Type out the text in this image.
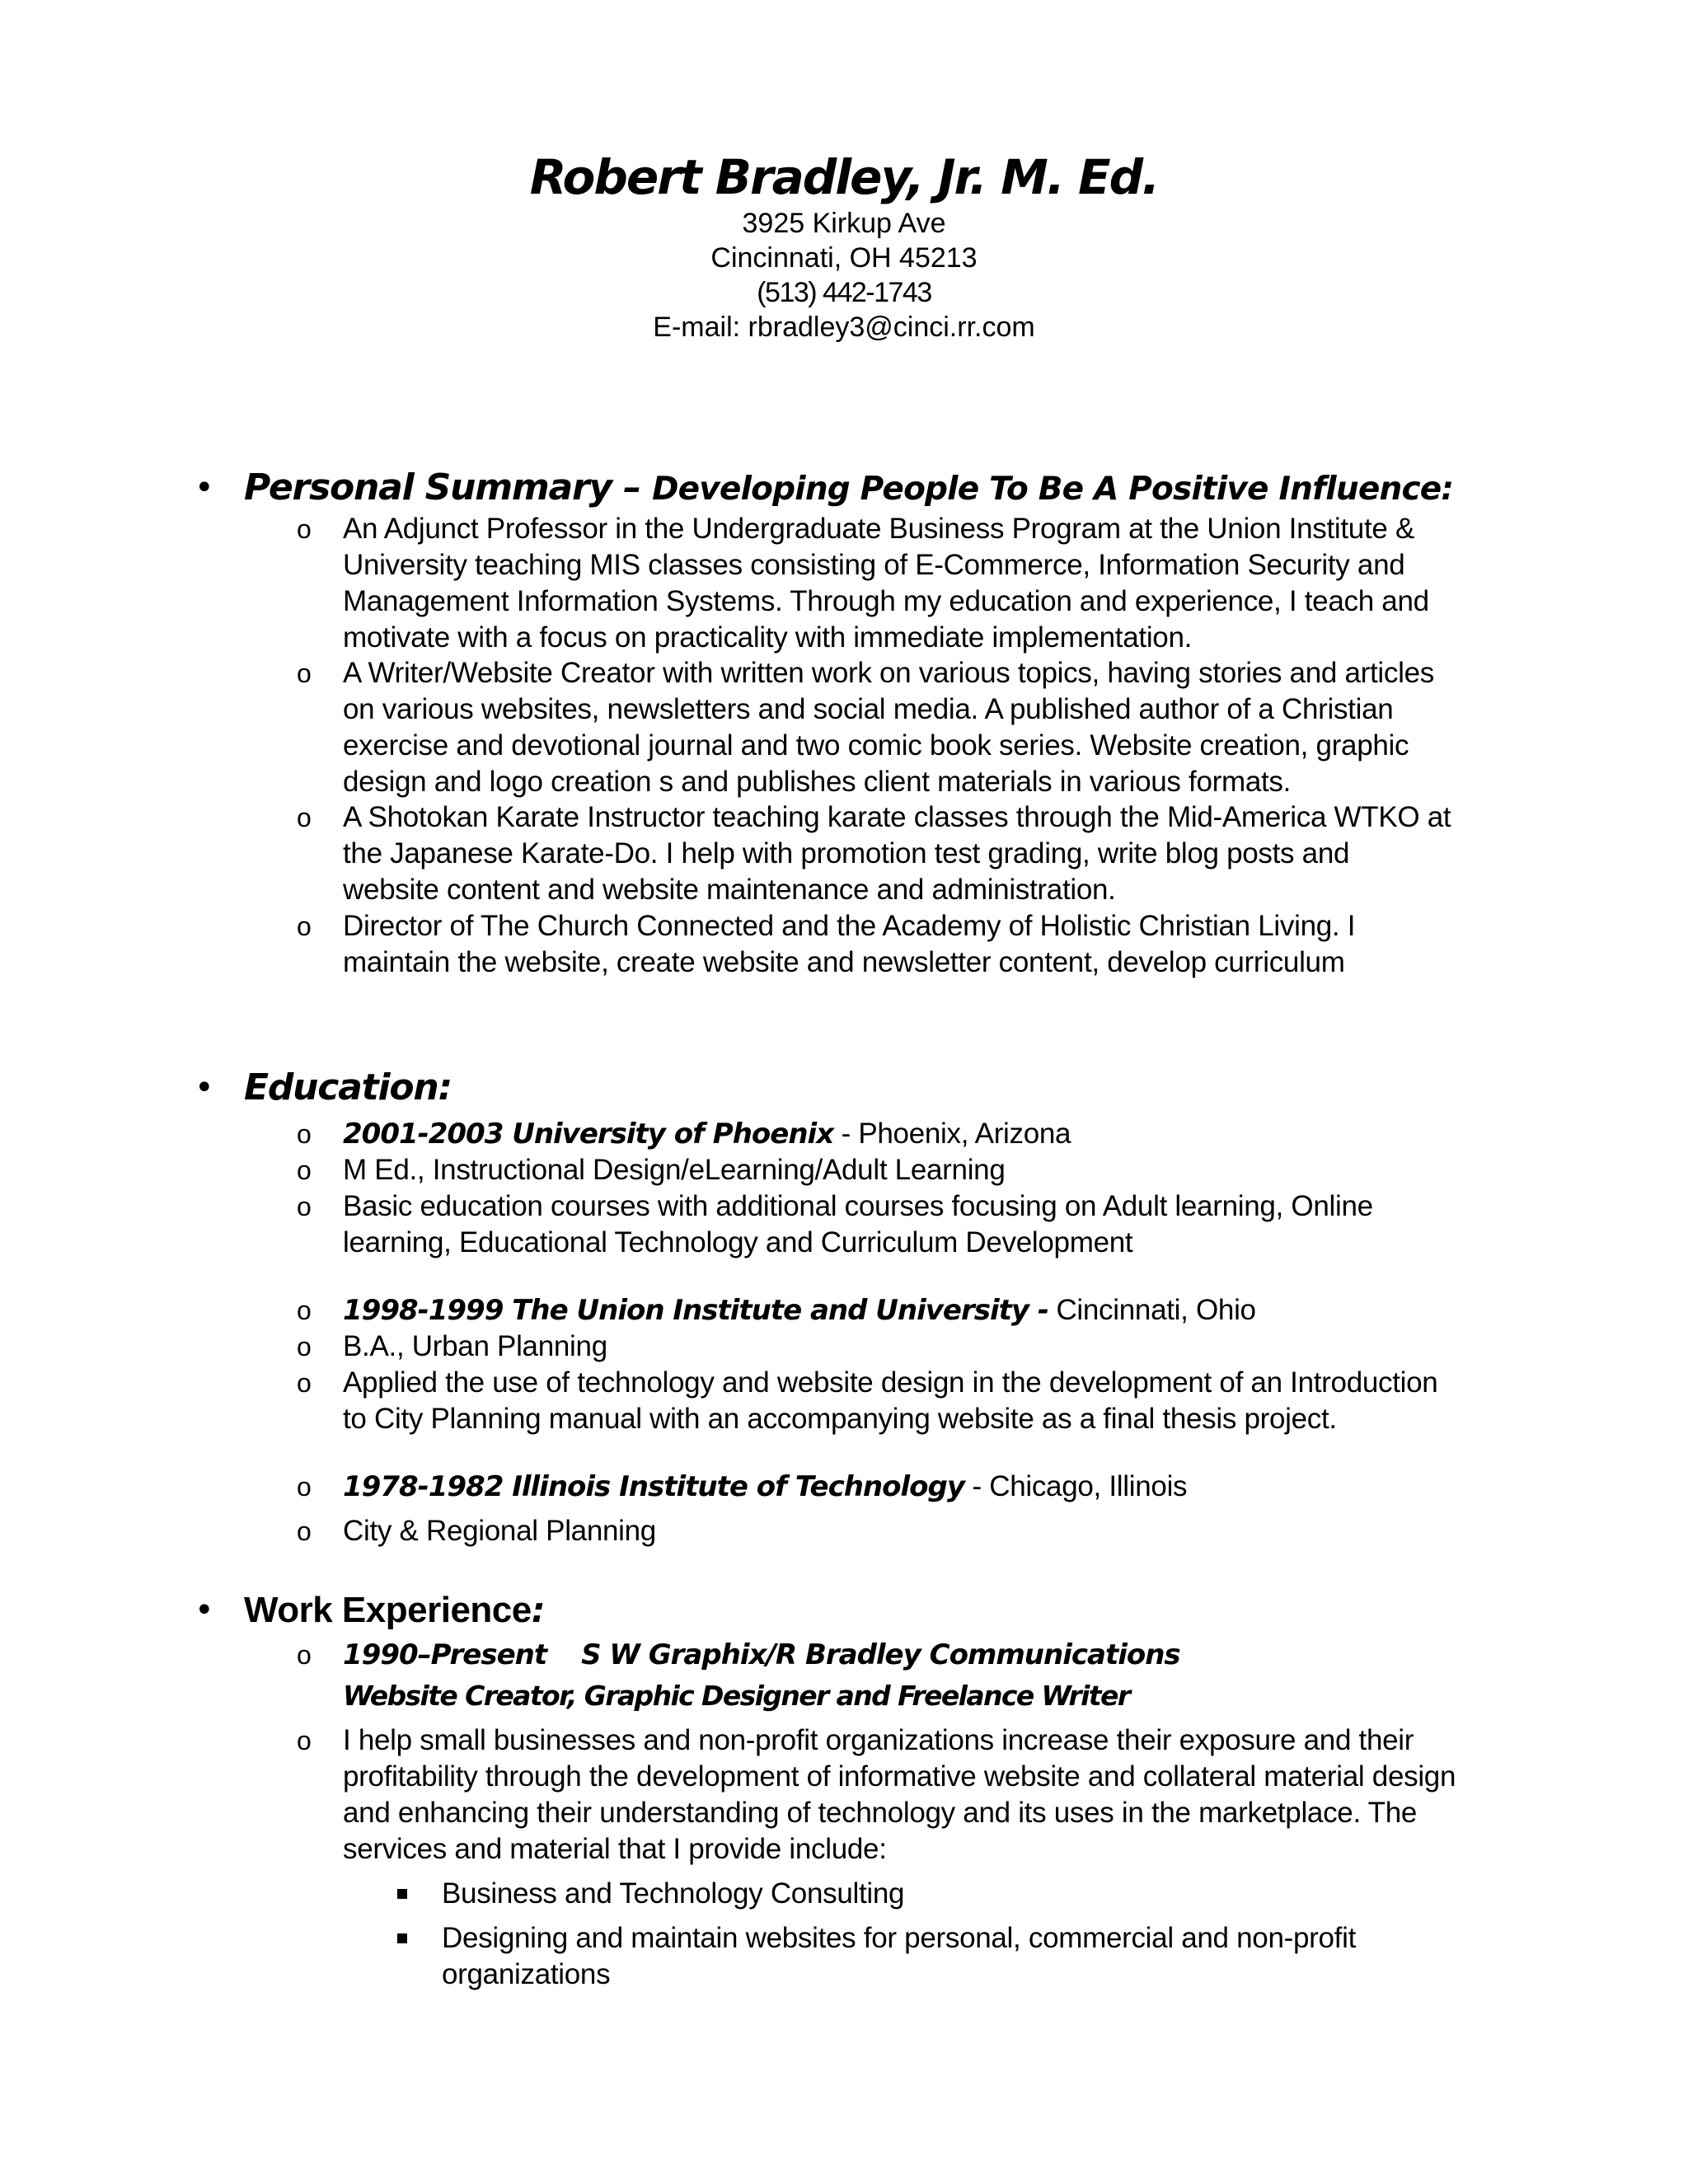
Robert Bradley, Jr. M. Ed.
3925 Kirkup Ave
Cincinnati, OH 45213
(513) 442-1743
E-mail: rbradley3@cinci.rr.com
• Personal Summary – Developing People To Be A Positive Influence:
o An Adjunct Professor in the Undergraduate Business Program at the Union Institute &
University teaching MIS classes consisting of E-Commerce, Information Security and
Management Information Systems. Through my education and experience, I teach and
motivate with a focus on practicality with immediate implementation.
o A Writer/Website Creator with written work on various topics, having stories and articles
on various websites, newsletters and social media. A published author of a Christian
exercise and devotional journal and two comic book series. Website creation, graphic
design and logo creation s and publishes client materials in various formats.
o A Shotokan Karate Instructor teaching karate classes through the Mid-America WTKO at
the Japanese Karate-Do. I help with promotion test grading, write blog posts and
website content and website maintenance and administration.
o Director of The Church Connected and the Academy of Holistic Christian Living. I
maintain the website, create website and newsletter content, develop curriculum
• Education:
o 2001-2003 University of Phoenix - Phoenix, Arizona
o M Ed., Instructional Design/eLearning/Adult Learning
o Basic education courses with additional courses focusing on Adult learning, Online
learning, Educational Technology and Curriculum Development
o 1998-1999 The Union Institute and University - Cincinnati, Ohio
o B.A., Urban Planning
o Applied the use of technology and website design in the development of an Introduction
to City Planning manual with an accompanying website as a final thesis project.
o 1978-1982 Illinois Institute of Technology - Chicago, Illinois
o City & Regional Planning
• Work Experience:
o 1990–Present S W Graphix/R Bradley Communications
Website Creator, Graphic Designer and Freelance Writer
o I help small businesses and non-profit organizations increase their exposure and their
profitability through the development of informative website and collateral material design
and enhancing their understanding of technology and its uses in the marketplace. The
services and material that I provide include:
Business and Technology Consulting
Designing and maintain websites for personal, commercial and non-profit
organizations
